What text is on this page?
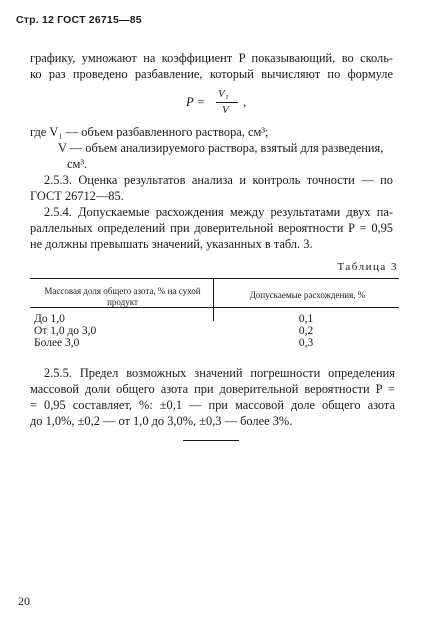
Стр. 12 ГОСТ 26715—85
графику, умножают на коэффициент P показывающий, во сколь-
ко раз проведено разбавление, который вычисляют по формуле
P =
V₁
V
,
где V₁ — объем разбавленного раствора, см³;
V — объем анализируемого раствора, взятый для разведения,
см³.
2.5.3. Оценка результатов анализа и контроль точности — по
ГОСТ 26712—85.
2.5.4. Допускаемые расхождения между результатами двух па-
раллельных определений при доверительной вероятности P = 0,95
не должны превышать значений, указанных в табл. 3.
Таблица 3
Массовая доля общего азота, % на сухой продукт
Допускаемые расхождения, %
До 1,0
От 1,0 до 3,0
Более 3,0
0,1
0,2
0,3
2.5.5. Предел возможных значений погрешности определения
массовой доли общего азота при доверительной вероятности P =
= 0,95 составляет, %: ±0,1 — при массовой доле общего азота
до 1,0%, ±0,2 — от 1,0 до 3,0%, ±0,3 — более 3%.
20
